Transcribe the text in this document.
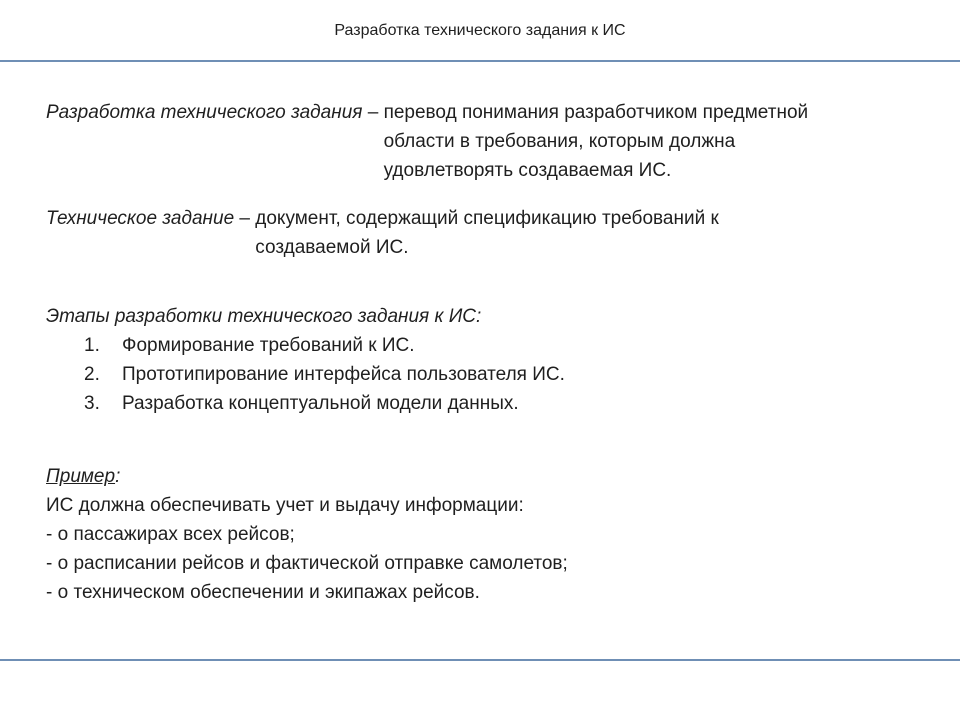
Разработка технического задания к ИС
Разработка технического задания – перевод понимания разработчиком предметной области в требования, которым должна удовлетворять создаваемая ИС.
Техническое задание – документ, содержащий спецификацию требований к создаваемой ИС.
Этапы разработки технического задания к ИС:
1.	Формирование требований к ИС.
2.	Прототипирование интерфейса пользователя ИС.
3.	Разработка концептуальной модели данных.
Пример:
ИС должна обеспечивать учет и выдачу информации:
- о пассажирах всех рейсов;
- о расписании рейсов и фактической отправке самолетов;
- о техническом обеспечении и экипажах рейсов.
